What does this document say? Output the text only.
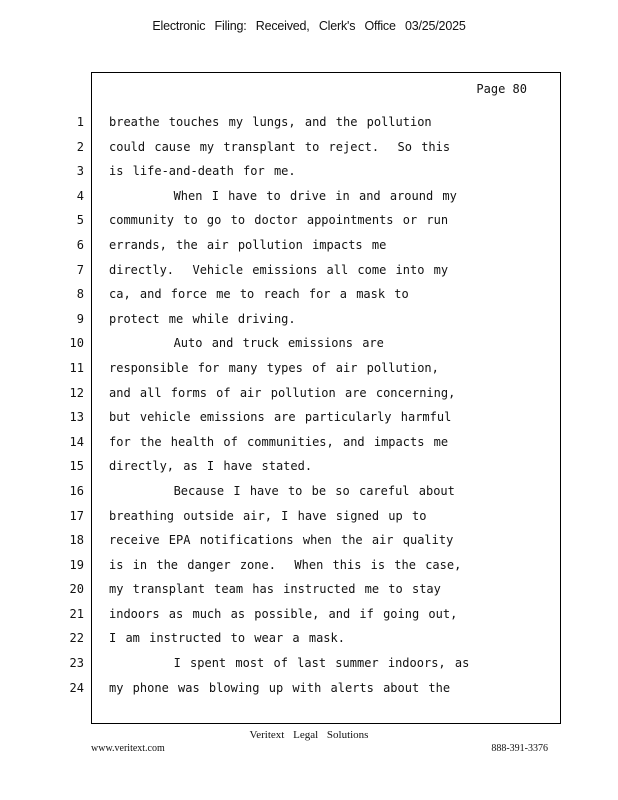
Electronic Filing: Received, Clerk's Office 03/25/2025
Page 80
1
2
3
4
5
6
7
8
9
10
11
12
13
14
15
16
17
18
19
20
21
22
23
24
breathe touches my lungs, and the pollution
could cause my transplant to reject.  So this
is life-and-death for me.
When I have to drive in and around my
community to go to doctor appointments or run
errands, the air pollution impacts me
directly.  Vehicle emissions all come into my
ca, and force me to reach for a mask to
protect me while driving.
Auto and truck emissions are
responsible for many types of air pollution,
and all forms of air pollution are concerning,
but vehicle emissions are particularly harmful
for the health of communities, and impacts me
directly, as I have stated.
Because I have to be so careful about
breathing outside air, I have signed up to
receive EPA notifications when the air quality
is in the danger zone.  When this is the case,
my transplant team has instructed me to stay
indoors as much as possible, and if going out,
I am instructed to wear a mask.
I spent most of last summer indoors, as
my phone was blowing up with alerts about the
Veritext Legal Solutions
www.veritext.com	888-391-3376
